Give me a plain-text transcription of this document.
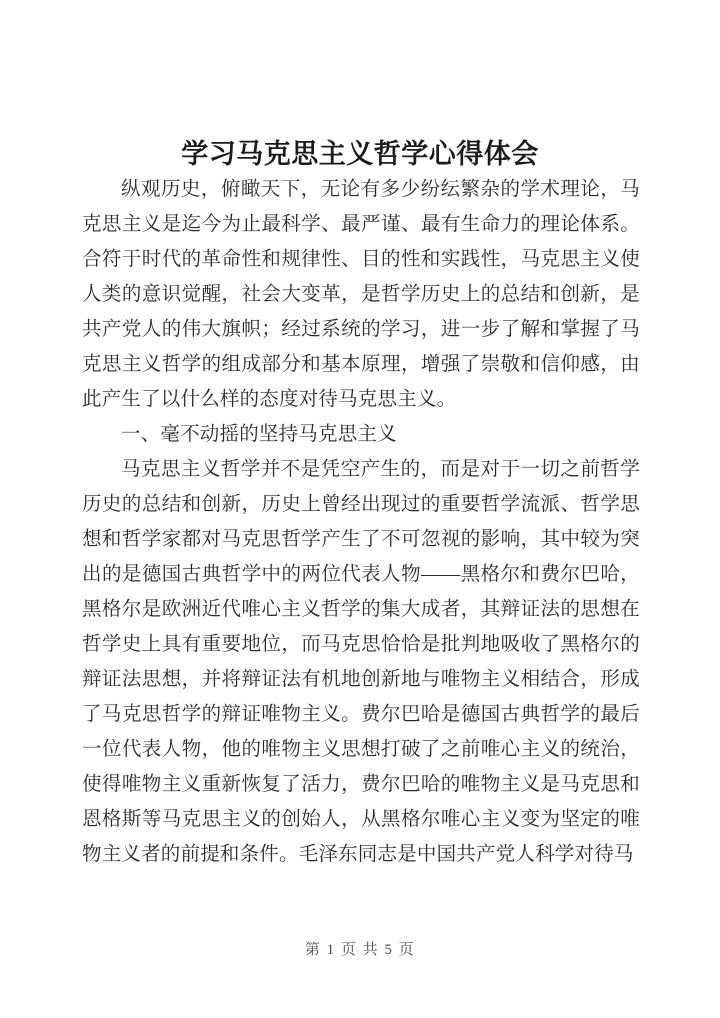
学习马克思主义哲学心得体会

纵观历史，俯瞰天下，无论有多少纷纭繁杂的学术理论，马克思主义是迄今为止最科学、最严谨、最有生命力的理论体系。合符于时代的革命性和规律性、目的性和实践性，马克思主义使人类的意识觉醒，社会大变革，是哲学历史上的总结和创新，是共产党人的伟大旗帜；经过系统的学习，进一步了解和掌握了马克思主义哲学的组成部分和基本原理，增强了崇敬和信仰感，由此产生了以什么样的态度对待马克思主义。

一、毫不动摇的坚持马克思主义

马克思主义哲学并不是凭空产生的，而是对于一切之前哲学历史的总结和创新，历史上曾经出现过的重要哲学流派、哲学思想和哲学家都对马克思哲学产生了不可忽视的影响，其中较为突出的是德国古典哲学中的两位代表人物——黑格尔和费尔巴哈，黑格尔是欧洲近代唯心主义哲学的集大成者，其辩证法的思想在哲学史上具有重要地位，而马克思恰恰是批判地吸收了黑格尔的辩证法思想，并将辩证法有机地创新地与唯物主义相结合，形成了马克思哲学的辩证唯物主义。费尔巴哈是德国古典哲学的最后一位代表人物，他的唯物主义思想打破了之前唯心主义的统治，使得唯物主义重新恢复了活力，费尔巴哈的唯物主义是马克思和恩格斯等马克思主义的创始人，从黑格尔唯心主义变为坚定的唯物主义者的前提和条件。毛泽东同志是中国共产党人科学对待马

第 1 页 共 5 页
